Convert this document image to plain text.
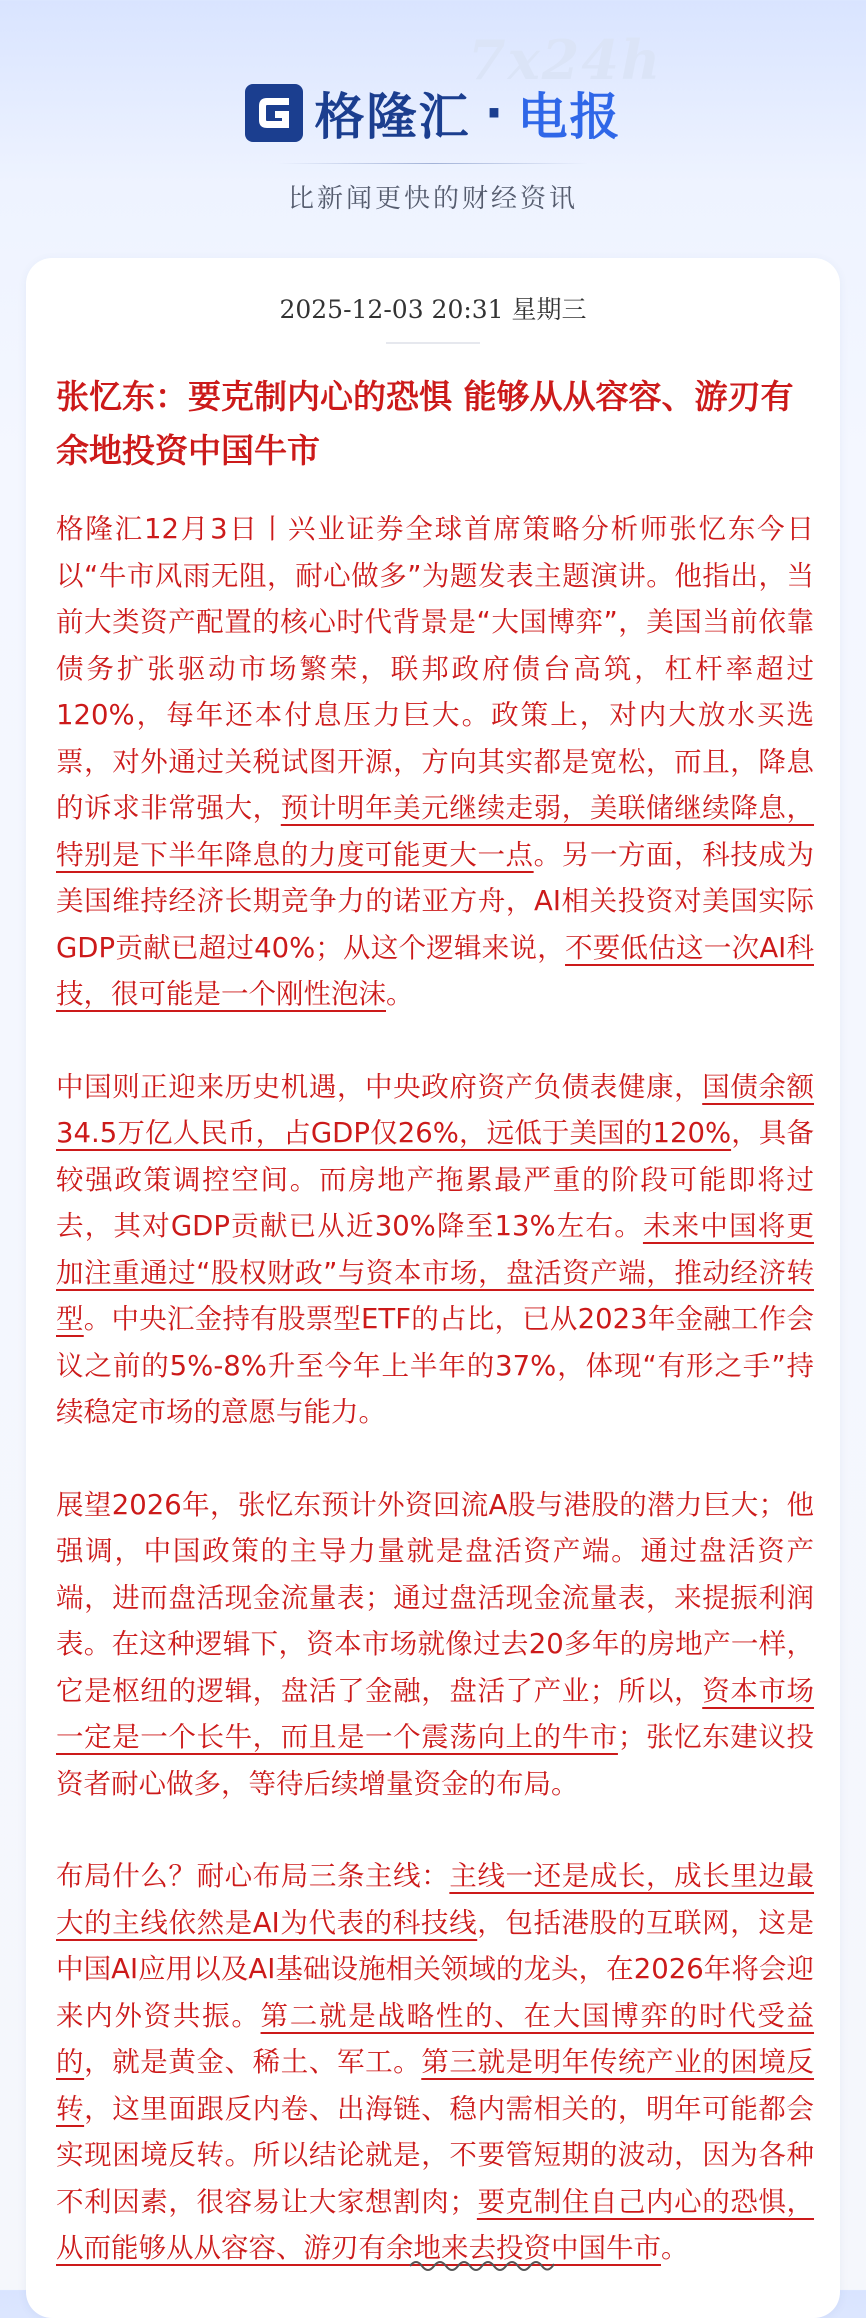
7x24h
格隆汇 · 电报
比新闻更快的财经资讯
2025-12-03 20:31 星期三
张忆东：要克制内心的恐惧 能够从从容容、游刃有余地投资中国牛市

格隆汇12月3日丨兴业证券全球首席策略分析师张忆东今日以“牛市风雨无阻，耐心做多”为题发表主题演讲。他指出，当前大类资产配置的核心时代背景是“大国博弈”，美国当前依靠债务扩张驱动市场繁荣，联邦政府债台高筑，杠杆率超过120%，每年还本付息压力巨大。政策上，对内大放水买选票，对外通过关税试图开源，方向其实都是宽松，而且，降息的诉求非常强大，预计明年美元继续走弱，美联储继续降息，特别是下半年降息的力度可能更大一点。另一方面，科技成为美国维持经济长期竞争力的诺亚方舟，AI相关投资对美国实际GDP贡献已超过40%；从这个逻辑来说，不要低估这一次AI科技，很可能是一个刚性泡沫。

中国则正迎来历史机遇，中央政府资产负债表健康，国债余额34.5万亿人民币，占GDP仅26%，远低于美国的120%，具备较强政策调控空间。而房地产拖累最严重的阶段可能即将过去，其对GDP贡献已从近30%降至13%左右。未来中国将更加注重通过“股权财政”与资本市场，盘活资产端，推动经济转型。中央汇金持有股票型ETF的占比，已从2023年金融工作会议之前的5%-8%升至今年上半年的37%，体现“有形之手”持续稳定市场的意愿与能力。

展望2026年，张忆东预计外资回流A股与港股的潜力巨大；他强调，中国政策的主导力量就是盘活资产端。通过盘活资产端，进而盘活现金流量表；通过盘活现金流量表，来提振利润表。在这种逻辑下，资本市场就像过去20多年的房地产一样，它是枢纽的逻辑，盘活了金融，盘活了产业；所以，资本市场一定是一个长牛，而且是一个震荡向上的牛市；张忆东建议投资者耐心做多，等待后续增量资金的布局。

布局什么？耐心布局三条主线：主线一还是成长，成长里边最大的主线依然是AI为代表的科技线，包括港股的互联网，这是中国AI应用以及AI基础设施相关领域的龙头，在2026年将会迎来内外资共振。第二就是战略性的、在大国博弈的时代受益的，就是黄金、稀土、军工。第三就是明年传统产业的困境反转，这里面跟反内卷、出海链、稳内需相关的，明年可能都会实现困境反转。所以结论就是，不要管短期的波动，因为各种不利因素，很容易让大家想割肉；要克制住自己内心的恐惧，从而能够从从容容、游刃有余地来去投资中国牛市。
